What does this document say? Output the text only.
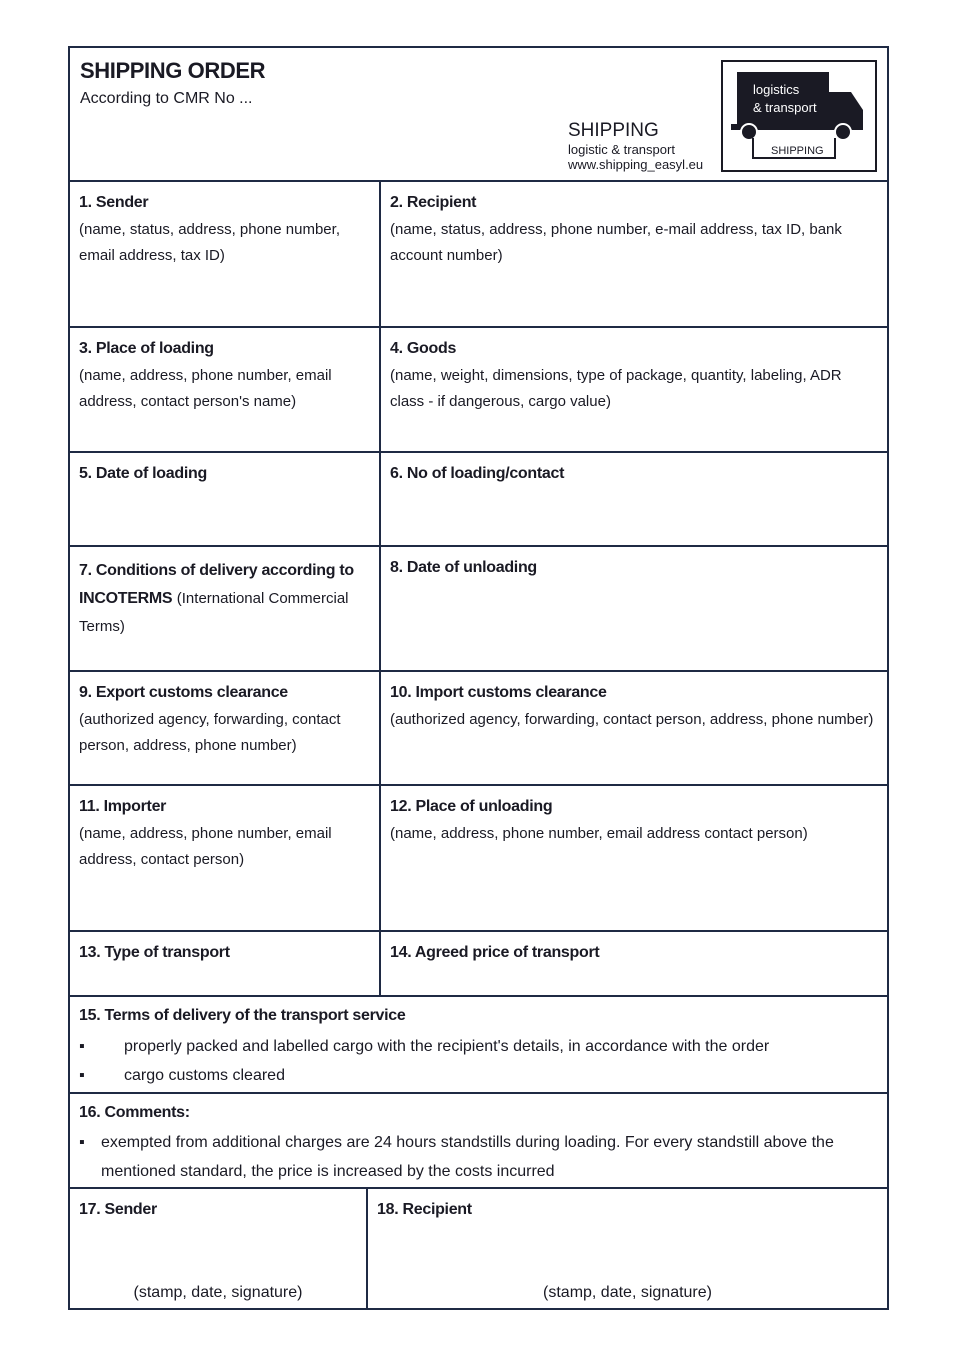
SHIPPING ORDER
According to CMR No ...
SHIPPING
logistic & transport
www.shipping_easyl.eu
logistics
& transport
SHIPPING
1. Sender
(name, status, address, phone number, email address, tax ID)
2. Recipient
(name, status, address, phone number, e-mail address, tax ID, bank account number)
3. Place of loading
(name, address, phone number, email address, contact person's name)
4. Goods
(name, weight, dimensions, type of package, quantity, labeling, ADR class - if dangerous, cargo value)
5. Date of loading	6. No of loading/contact
7. Conditions of delivery according to INCOTERMS (International Commercial Terms)
8. Date of unloading
9. Export customs clearance
(authorized agency, forwarding, contact person, address, phone number)
10. Import customs clearance
(authorized agency, forwarding, contact person, address, phone number)
11. Importer
(name, address, phone number, email address, contact person)
12. Place of unloading
(name, address, phone number, email address contact person)
13. Type of transport	14. Agreed price of transport
15. Terms of delivery of the transport service
▪ properly packed and labelled cargo with the recipient's details, in accordance with the order
▪ cargo customs cleared
16. Comments:
▪ exempted from additional charges are 24 hours standstills during loading. For every standstill above the mentioned standard, the price is increased by the costs incurred
17. Sender
(stamp, date, signature)
18. Recipient
(stamp, date, signature)
